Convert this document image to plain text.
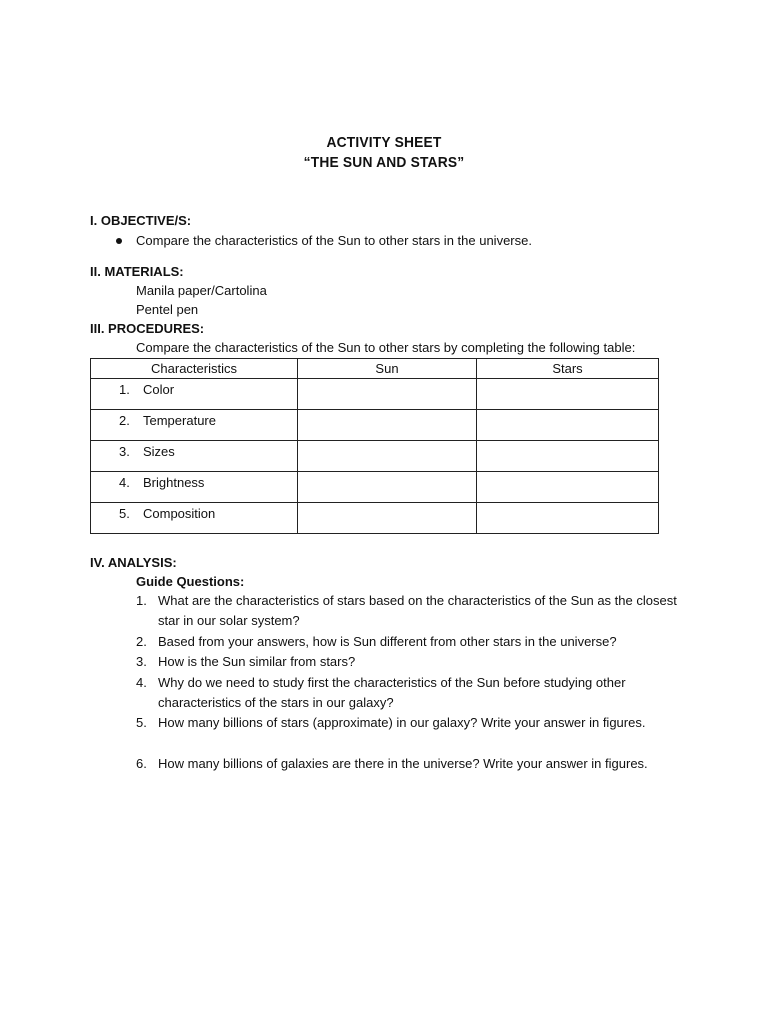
ACTIVITY SHEET
“THE SUN AND STARS”
I. OBJECTIVE/S:
Compare the characteristics of the Sun to other stars in the universe.
II. MATERIALS:
Manila paper/Cartolina
Pentel pen
III. PROCEDURES:
Compare the characteristics of the Sun to other stars by completing the following table:
Characteristics	Sun	Stars

1. Color		

2. Temperature		

3. Sizes		

4. Brightness		

5. Composition		

IV. ANALYSIS:
Guide Questions:
1. What are the characteristics of stars based on the characteristics of the Sun as the closest star in our solar system?
2. Based from your answers, how is Sun different from other stars in the universe?
3. How is the Sun similar from stars?
4. Why do we need to study first the characteristics of the Sun before studying other characteristics of the stars in our galaxy?
5. How many billions of stars (approximate) in our galaxy? Write your answer in figures.
6. How many billions of galaxies are there in the universe? Write your answer in figures.
